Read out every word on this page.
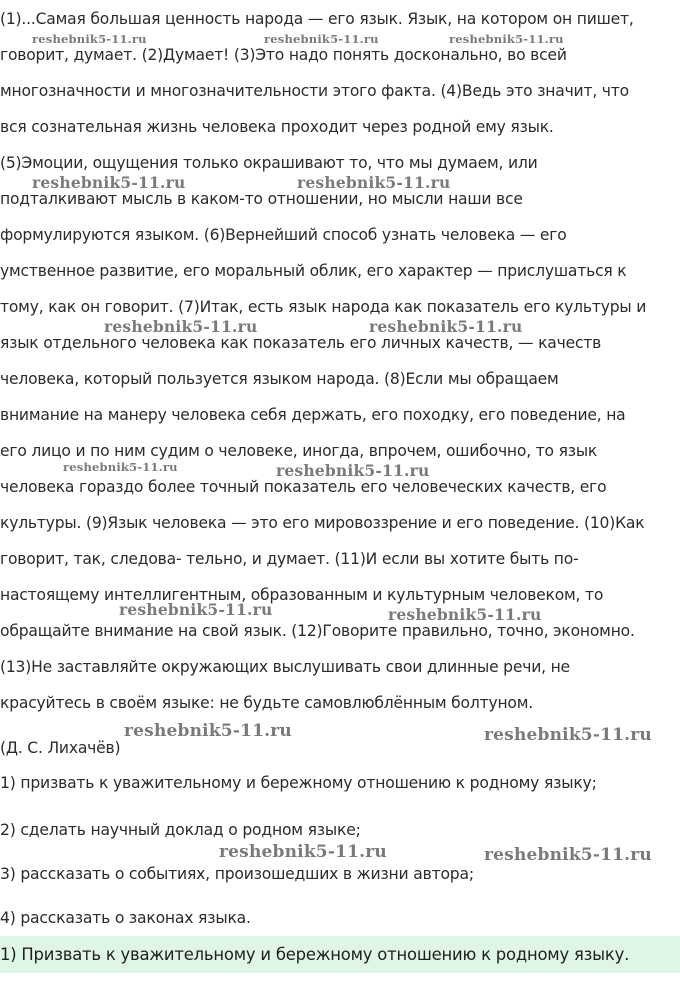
(1)...Самая большая ценность народа — его язык. Язык, на котором он пишет,
говорит, думает. (2)Думает! (3)Это надо понять досконально, во всей
многозначности и многозначительности этого факта. (4)Ведь это значит, что
вся сознательная жизнь человека проходит через родной ему язык.
(5)Эмоции, ощущения только окрашивают то, что мы думаем, или
подталкивают мысль в каком-то отношении, но мысли наши все
формулируются языком. (6)Вернейший способ узнать человека — его
умственное развитие, его моральный облик, его характер — прислушаться к
тому, как он говорит. (7)Итак, есть язык народа как показатель его культуры и
язык отдельного человека как показатель его личных качеств, — качеств
человека, который пользуется языком народа. (8)Если мы обращаем
внимание на манеру человека себя держать, его походку, его поведение, на
его лицо и по ним судим о человеке, иногда, впрочем, ошибочно, то язык
человека гораздо более точный показатель его человеческих качеств, его
культуры. (9)Язык человека — это его мировоззрение и его поведение. (10)Как
говорит, так, следова- тельно, и думает. (11)И если вы хотите быть по-
настоящему интеллигентным, образованным и культурным человеком, то
обращайте внимание на свой язык. (12)Говорите правильно, точно, экономно.
(13)Не заставляйте окружающих выслушивать свои длинные речи, не
красуйтесь в своём языке: не будьте самовлюблённым болтуном.
(Д. С. Лихачёв)
1) призвать к уважительному и бережному отношению к родному языку;
2) сделать научный доклад о родном языке;
3) рассказать о событиях, произошедших в жизни автора;
4) рассказать о законах языка.
1) Призвать к уважительному и бережному отношению к родному языку.
reshebnik5-11.ru	reshebnik5-11.ru	reshebnik5-11.ru
reshebnik5-11.ru	reshebnik5-11.ru
reshebnik5-11.ru	reshebnik5-11.ru
reshebnik5-11.ru	reshebnik5-11.ru
reshebnik5-11.ru	reshebnik5-11.ru
reshebnik5-11.ru	reshebnik5-11.ru
reshebnik5-11.ru	reshebnik5-11.ru
